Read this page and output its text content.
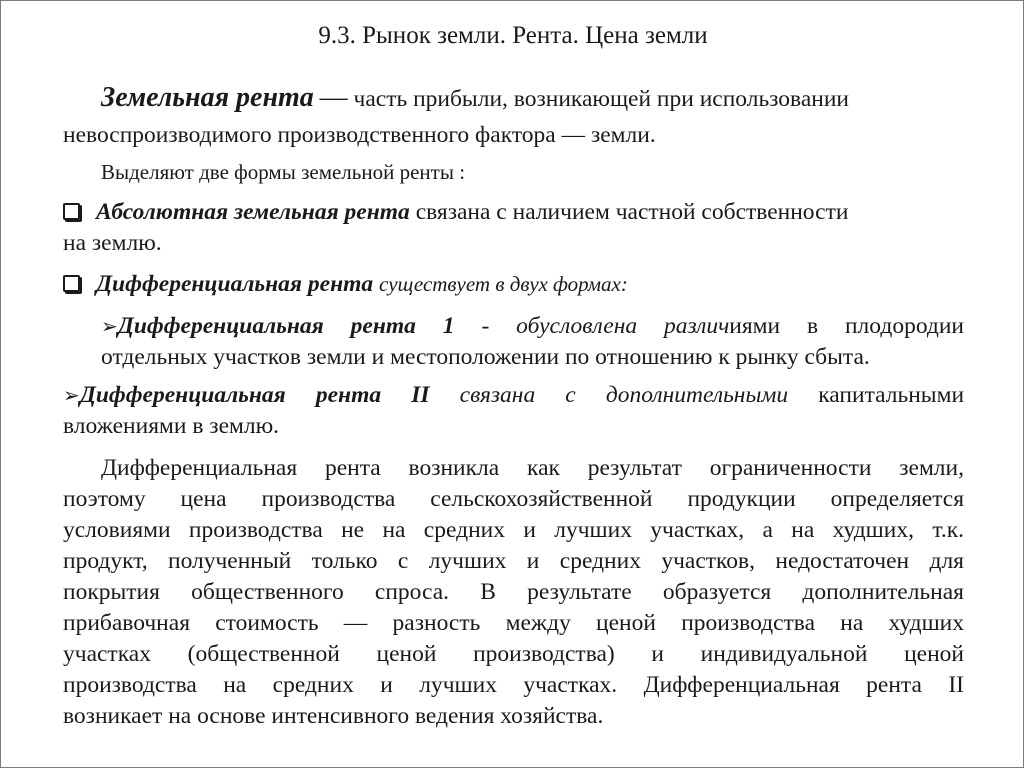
9.3. Рынок земли. Рента. Цена земли
Земельная рента — часть прибыли, возникающей при использовании
невоспроизводимого производственного фактора — земли.
Выделяют две формы земельной ренты :
Абсолютная земельная рента связана с наличием частной собственности
на землю.
Дифференциальная рента существует в двух формах:
➢Дифференциальная рента 1 - обусловлена различиями в плодородии
отдельных участков земли и местоположении по отношению к рынку сбыта.
➢Дифференциальная рента II связана с дополнительными капитальными
вложениями в землю.
Дифференциальная рента возникла как результат ограниченности земли,
поэтому цена производства сельскохозяйственной продукции определяется
условиями производства не на средних и лучших участках, а на худших, т.к.
продукт, полученный только с лучших и средних участков, недостаточен для
покрытия общественного спроса. В результате образуется дополнительная
прибавочная стоимость — разность между ценой производства на худших
участках (общественной ценой производства) и индивидуальной ценой
производства на средних и лучших участках. Дифференциальная рента II
возникает на основе интенсивного ведения хозяйства.
